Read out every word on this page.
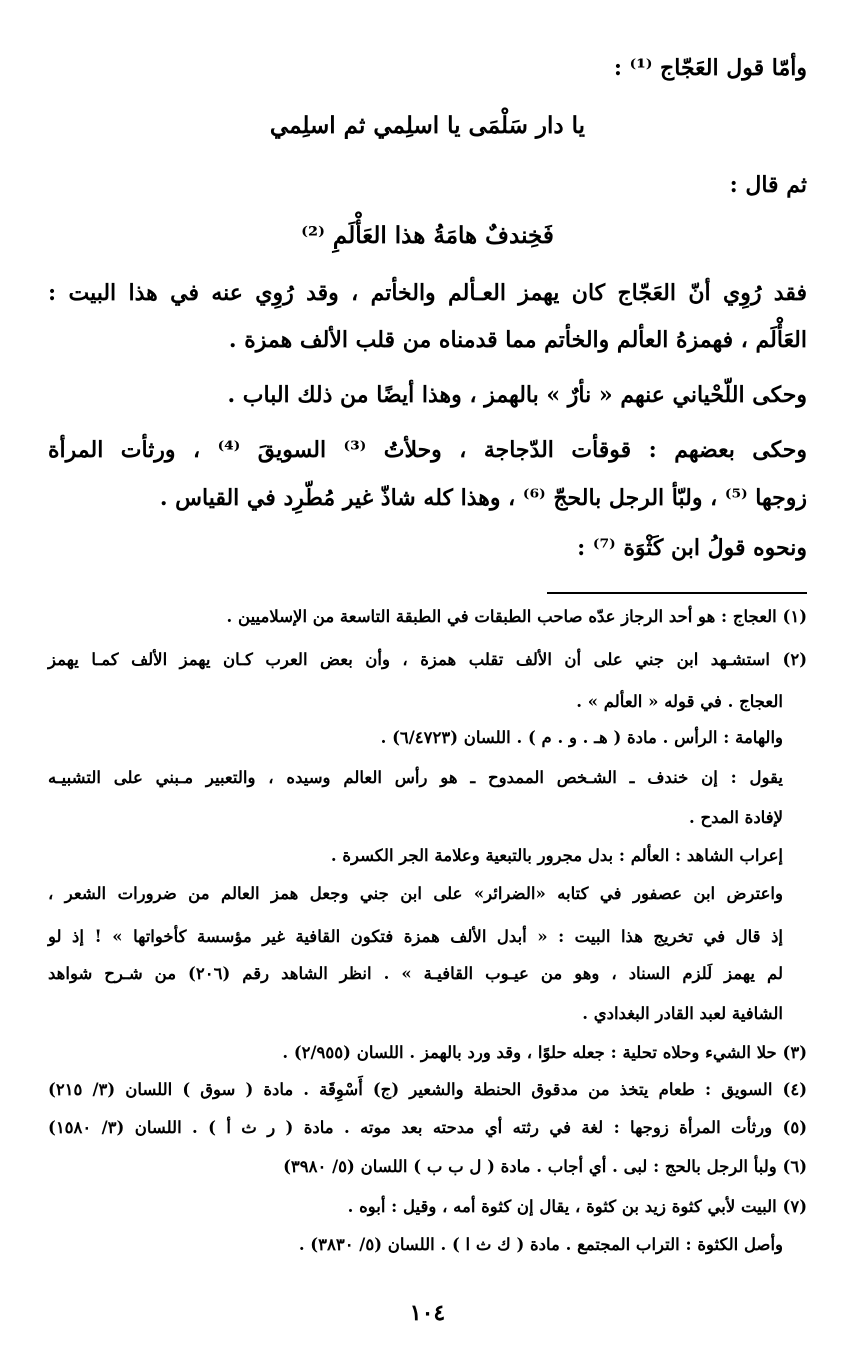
وأمّا قول العَجّاج ⁽¹⁾ :
يا دار سَلْمَى يا اسلِمي ثم اسلِمي
ثم قال :
فَخِندفٌ هامَةُ هذا العَأْلَمِ ⁽²⁾
فقد رُوِي أنّ العَجّاج كان يهمز العـألم والخأتم ، وقد رُوِي عنه في هذا البيت :
العَأْلَم ، فهمزهُ العألم والخأتم مما قدمناه من قلب الألف همزة .
وحكى اللّحْياني عنهم « نأرٌ » بالهمز ، وهذا أيضًا من ذلك الباب .
وحكى بعضهم : قوقأت الدّجاجة ، وحلأتُ ⁽³⁾ السويقَ ⁽⁴⁾ ، ورثأت المرأة
زوجها ⁽⁵⁾ ، ولبّأ الرجل بالحجّ ⁽⁶⁾ ، وهذا كله شاذّ غير مُطّرِد في القياس .
ونحوه قولُ ابن كَثْوَة ⁽⁷⁾ :
(١) العجاج : هو أحد الرجاز عدّه صاحب الطبقات في الطبقة التاسعة من الإسلاميين .
(٢) استشـهد ابن جني على أن الألف تقلب همزة ، وأن بعض العرب كـان يهمز الألف كمـا يهمز
العجاج . في قوله « العألم » .
والهامة : الرأس . مادة ( هـ . و . م ) . اللسان (٦/٤٧٢٣) .
يقول : إن خندف ـ الشـخص الممدوح ـ هو رأس العالم وسيده ، والتعبير مـبني على التشبيـه
لإفادة المدح .
إعراب الشاهد : العألم : بدل مجرور بالتبعية وعلامة الجر الكسرة .
واعترض ابن عصفور في كتابه «الضرائر» على ابن جني وجعل همز العالم من ضرورات الشعر ،
إذ قال في تخريج هذا البيت : « أبدل الألف همزة فتكون القافية غير مؤسسة كأخواتها » ! إذ لو
لم يهمز لَلزم السناد ، وهو من عيـوب القافيـة » . انظر الشاهد رقم (٢٠٦) من شـرح شواهد
الشافية لعبد القادر البغدادي .
(٣) حلا الشيء وحلاه تحلية : جعله حلوًا ، وقد ورد بالهمز . اللسان (٢/٩٥٥) .
(٤) السويق : طعام يتخذ من مدقوق الحنطة والشعير (ج) أَسْوِقَة . مادة ( سوق ) اللسان (٣/ ٢١٥)
(٥) ورثأت المرأة زوجها : لغة في رثته أي مدحته بعد موته . مادة ( ر ث أ ) . اللسان (٣/ ١٥٨٠)
(٦) ولبأ الرجل بالحج : لبى . أي أجاب . مادة ( ل ب ب ) اللسان (٥/ ٣٩٨٠)
(٧) البيت لأبي كثوة زيد بن كثوة ، يقال إن كثوة أمه ، وقيل : أبوه .
وأصل الكثوة : التراب المجتمع . مادة ( ك ث ا ) . اللسان (٥/ ٣٨٣٠) .
١٠٤
